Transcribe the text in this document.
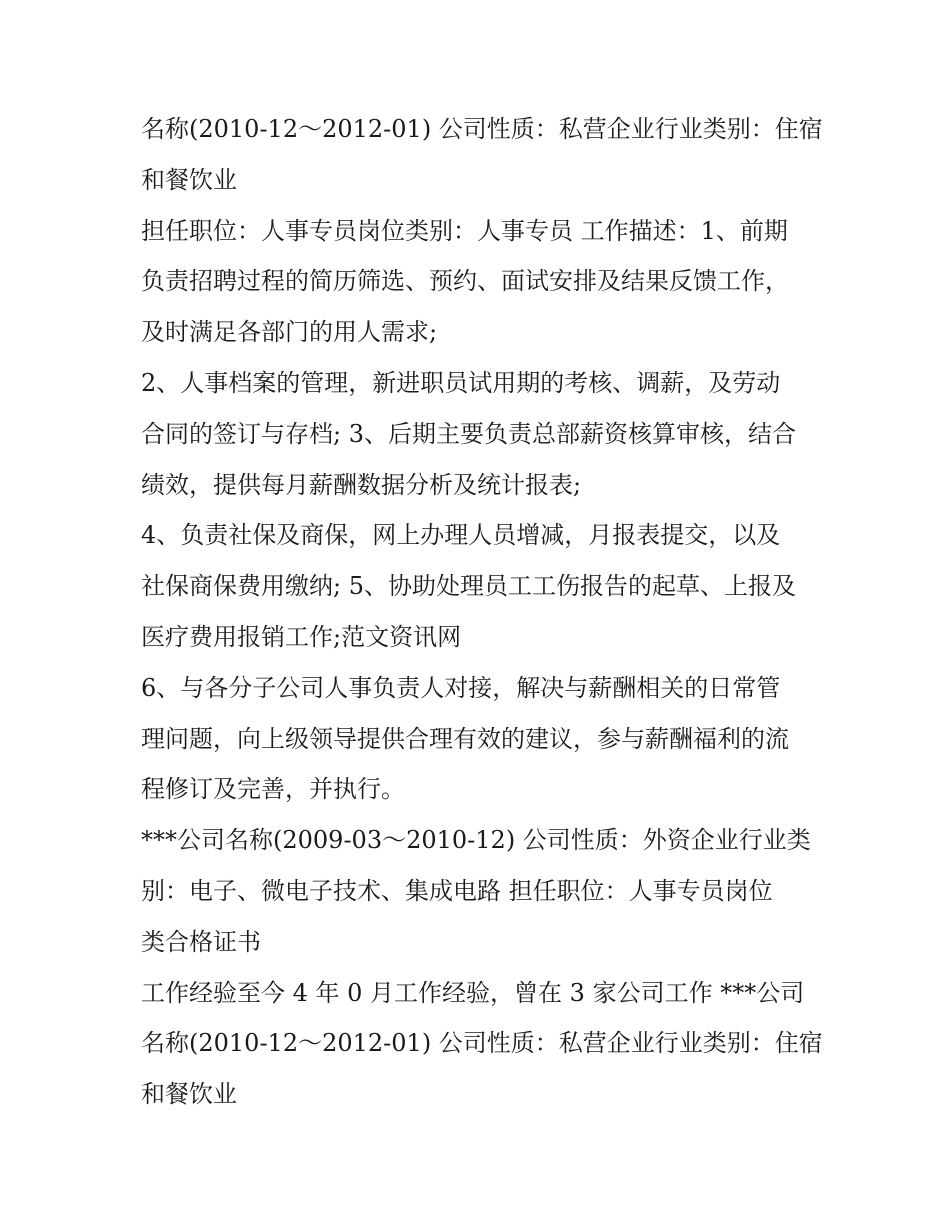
名称(2010-12～2012-01) 公司性质：私营企业行业类别：住宿
和餐饮业
担任职位：人事专员岗位类别：人事专员 工作描述：1、前期
负责招聘过程的简历筛选、预约、面试安排及结果反馈工作，
及时满足各部门的用人需求;
2、人事档案的管理，新进职员试用期的考核、调薪，及劳动
合同的签订与存档; 3、后期主要负责总部薪资核算审核，结合
绩效，提供每月薪酬数据分析及统计报表;
4、负责社保及商保，网上办理人员增减，月报表提交，以及
社保商保费用缴纳; 5、协助处理员工工伤报告的起草、上报及
医疗费用报销工作;范文资讯网
6、与各分子公司人事负责人对接，解决与薪酬相关的日常管
理问题，向上级领导提供合理有效的建议，参与薪酬福利的流
程修订及完善，并执行。
***公司名称(2009-03～2010-12) 公司性质：外资企业行业类
别：电子、微电子技术、集成电路 担任职位：人事专员岗位
类合格证书
工作经验至今 4 年 0 月工作经验，曾在 3 家公司工作 ***公司
名称(2010-12～2012-01) 公司性质：私营企业行业类别：住宿
和餐饮业
